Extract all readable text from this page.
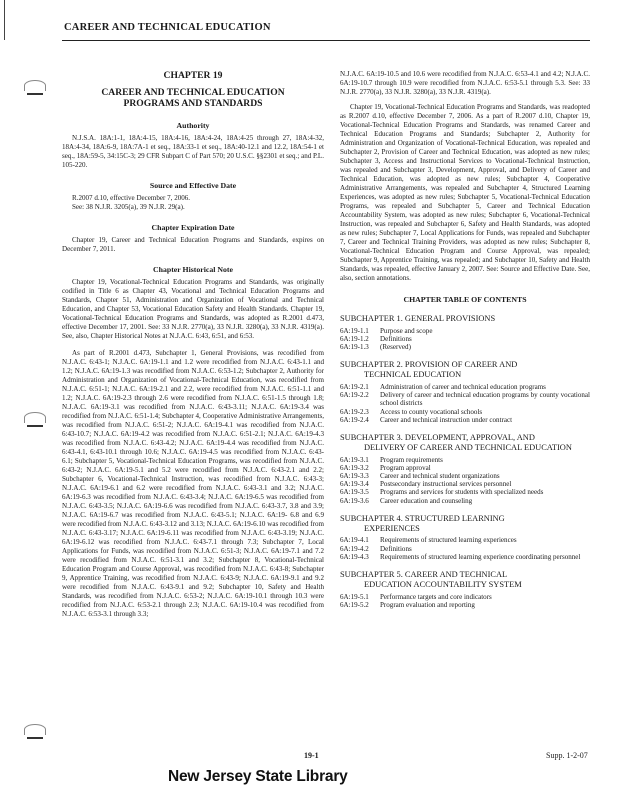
CAREER AND TECHNICAL EDUCATION
CHAPTER 19
CAREER AND TECHNICAL EDUCATION
PROGRAMS AND STANDARDS
Authority

N.J.S.A. 18A:1-1, 18A:4-15, 18A:4-16, 18A:4-24, 18A:4-25 through 27, 18A:4-32, 18A:4-34, 18A:6-9, 18A:7A-1 et seq., 18A:33-1 et seq., 18A:40-12.1 and 12.2, 18A:54-1 et seq., 18A:59-5, 34:15C-3; 29 CFR Subpart C of Part 570; 20 U.S.C. §§2301 et seq.; and P.L. 105-220.

Source and Effective Date

R.2007 d.10, effective December 7, 2006.

See: 38 N.J.R. 3205(a), 39 N.J.R. 29(a).

Chapter Expiration Date

Chapter 19, Career and Technical Education Programs and Standards, expires on December 7, 2011.

Chapter Historical Note

Chapter 19, Vocational-Technical Education Programs and Standards, was originally codified in Title 6 as Chapter 43, Vocational and Technical Education Programs and Standards, Chapter 51, Administration and Organization of Vocational and Technical Education, and Chapter 53, Vocational Education Safety and Health Standards. Chapter 19, Vocational-Technical Education Programs and Standards, was adopted as R.2001 d.473, effective December 17, 2001. See: 33 N.J.R. 2770(a), 33 N.J.R. 3280(a), 33 N.J.R. 4319(a). See, also, Chapter Historical Notes at N.J.A.C. 6:43, 6:51, and 6:53.

As part of R.2001 d.473, Subchapter 1, General Provisions, was recodified from N.J.A.C. 6:43-1; N.J.A.C. 6A:19-1.1 and 1.2 were recodified from N.J.A.C. 6:43-1.1 and 1.2; N.J.A.C. 6A:19-1.3 was recodified from N.J.A.C. 6:53-1.2; Subchapter 2, Authority for Administration and Organization of Vocational-Technical Education, was recodified from N.J.A.C. 6:51-1; N.J.A.C. 6A:19-2.1 and 2.2, were recodified from N.J.A.C. 6:51-1.1 and 1.2; N.J.A.C. 6A:19-2.3 through 2.6 were recodified from N.J.A.C. 6:51-1.5 through 1.8; N.J.A.C. 6A:19-3.1 was recodified from N.J.A.C. 6:43-3.11; N.J.A.C. 6A:19-3.4 was recodified from N.J.A.C. 6:51-1.4; Subchapter 4, Cooperative Administrative Arrangements, was recodified from N.J.A.C. 6:51-2; N.J.A.C. 6A:19-4.1 was recodified from N.J.A.C. 6:43-10.7; N.J.A.C. 6A:19-4.2 was recodified from N.J.A.C. 6:51-2.1; N.J.A.C. 6A:19-4.3 was recodified from N.J.A.C. 6:43-4.2; N.J.A.C. 6A:19-4.4 was recodified from N.J.A.C. 6:43-4.1, 6:43-10.1 through 10.6; N.J.A.C. 6A:19-4.5 was recodified from N.J.A.C. 6:43-6.1; Subchapter 5, Vocational-Technical Education Programs, was recodified from N.J.A.C. 6:43-2; N.J.A.C. 6A:19-5.1 and 5.2 were recodified from N.J.A.C. 6:43-2.1 and 2.2; Subchapter 6, Vocational-Technical Instruction, was recodified from N.J.A.C. 6:43-3; N.J.A.C. 6A:19-6.1 and 6.2 were recodified from N.J.A.C. 6:43-3.1 and 3.2; N.J.A.C. 6A:19-6.3 was recodified from N.J.A.C. 6:43-3.4; N.J.A.C. 6A:19-6.5 was recodified from N.J.A.C. 6:43-3.5; N.J.A.C. 6A:19-6.6 was recodified from N.J.A.C. 6:43-3.7, 3.8 and 3.9; N.J.A.C. 6A:19-6.7 was recodified from N.J.A.C. 6:43-5.1; N.J.A.C. 6A:19- 6.8 and 6.9 were recodified from N.J.A.C. 6:43-3.12 and 3.13; N.J.A.C. 6A:19-6.10 was recodified from N.J.A.C. 6:43-3.17; N.J.A.C. 6A:19-6.11 was recodified from N.J.A.C. 6:43-3.19; N.J.A.C. 6A:19-6.12 was recodified from N.J.A.C. 6:43-7.1 through 7.3; Subchapter 7, Local Applications for Funds, was recodified from N.J.A.C. 6:51-3; N.J.A.C. 6A:19-7.1 and 7.2 were recodified from N.J.A.C. 6:51-3.1 and 3.2; Subchapter 8, Vocational-Technical Education Program and Course Approval, was recodified from N.J.A.C. 6:43-8; Subchapter 9, Apprentice Training, was recodified from N.J.A.C. 6:43-9; N.J.A.C. 6A:19-9.1 and 9.2 were recodified from N.J.A.C. 6:43-9.1 and 9.2; Subchapter 10, Safety and Health Standards, was recodified from N.J.A.C. 6:53-2; N.J.A.C. 6A:19-10.1 through 10.3 were recodified from N.J.A.C. 6:53-2.1 through 2.3; N.J.A.C. 6A:19-10.4 was recodified from N.J.A.C. 6:53-3.1 through 3.3;

N.J.A.C. 6A:19-10.5 and 10.6 were recodified from N.J.A.C. 6:53-4.1 and 4.2; N.J.A.C. 6A:19-10.7 through 10.9 were recodified from N.J.A.C. 6:53-5.1 through 5.3. See: 33 N.J.R. 2770(a), 33 N.J.R. 3280(a), 33 N.J.R. 4319(a).

Chapter 19, Vocational-Technical Education Programs and Standards, was readopted as R.2007 d.10, effective December 7, 2006. As a part of R.2007 d.10, Chapter 19, Vocational-Technical Education Programs and Standards, was renamed Career and Technical Education Programs and Standards; Subchapter 2, Authority for Administration and Organization of Vocational-Technical Education, was repealed and Subchapter 2, Provision of Career and Technical Education, was adopted as new rules; Subchapter 3, Access and Instructional Services to Vocational-Technical Instruction, was repealed and Subchapter 3, Development, Approval, and Delivery of Career and Technical Education, was adopted as new rules; Subchapter 4, Cooperative Administrative Arrangements, was repealed and Subchapter 4, Structured Learning Experiences, was adopted as new rules; Subchapter 5, Vocational-Technical Education Programs, was repealed and Subchapter 5, Career and Technical Education Accountability System, was adopted as new rules; Subchapter 6, Vocational-Technical Instruction, was repealed and Subchapter 6, Safety and Health Standards, was adopted as new rules; Subchapter 7, Local Applications for Funds, was repealed and Subchapter 7, Career and Technical Training Providers, was adopted as new rules; Subchapter 8, Vocational-Technical Education Program and Course Approval, was repealed; Subchapter 9, Apprentice Training, was repealed; and Subchapter 10, Safety and Health Standards, was repealed, effective January 2, 2007. See: Source and Effective Date. See, also, section annotations.

CHAPTER TABLE OF CONTENTS
SUBCHAPTER 1. GENERAL PROVISIONS
6A:19-1.1	Purpose and scope
6A:19-1.2	Definitions
6A:19-1.3	(Reserved)
SUBCHAPTER 2. PROVISION OF CAREER AND
TECHNICAL EDUCATION
6A:19-2.1	Administration of career and technical education programs
6A:19-2.2	Delivery of career and technical education programs by county vocational school districts
6A:19-2.3	Access to county vocational schools
6A:19-2.4	Career and technical instruction under contract
SUBCHAPTER 3. DEVELOPMENT, APPROVAL, AND
DELIVERY OF CAREER AND TECHNICAL EDUCATION
6A:19-3.1	Program requirements
6A:19-3.2	Program approval
6A:19-3.3	Career and technical student organizations
6A:19-3.4	Postsecondary instructional services personnel
6A:19-3.5	Programs and services for students with specialized needs
6A:19-3.6	Career education and counseling
SUBCHAPTER 4. STRUCTURED LEARNING
EXPERIENCES
6A:19-4.1	Requirements of structured learning experiences
6A:19-4.2	Definitions
6A:19-4.3	Requirements of structured learning experience coordinating personnel
SUBCHAPTER 5. CAREER AND TECHNICAL
EDUCATION ACCOUNTABILITY SYSTEM
6A:19-5.1	Performance targets and core indicators
6A:19-5.2	Program evaluation and reporting
19-1	Supp. 1-2-07
New Jersey State Library
